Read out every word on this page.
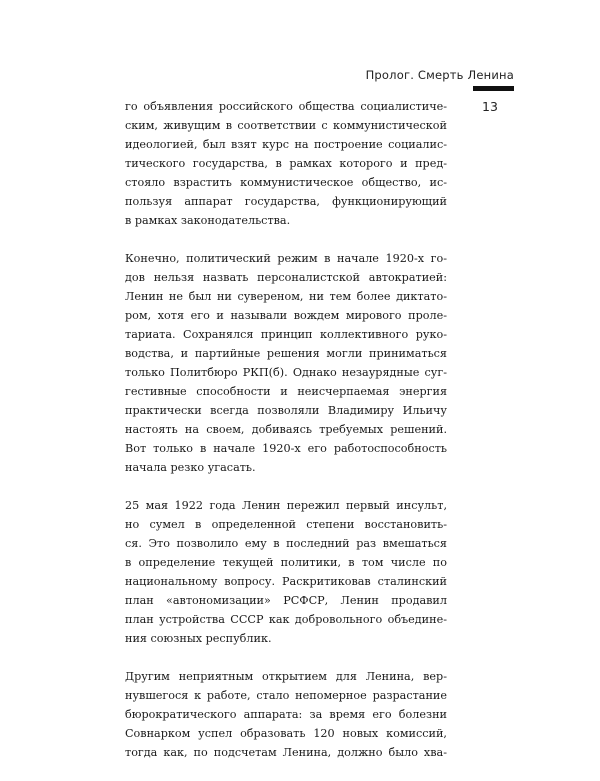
Пролог. Смерть Ленина
13

го объявления российского общества социалистиче-
ским, живущим в соответствии с коммунистической
идеологией, был взят курс на построение социалис-
тического государства, в рамках которого и пред-
стояло взрастить коммунистическое общество, ис-
пользуя аппарат государства, функционирующий
в рамках законодательства.

Конечно, политический режим в начале 1920-х го-
дов нельзя назвать персоналистской автократией:
Ленин не был ни сувереном, ни тем более диктато-
ром, хотя его и называли вождем мирового проле-
тариата. Сохранялся принцип коллективного руко-
водства, и партийные решения могли приниматься
только Политбюро РКП(б). Однако незаурядные суг-
гестивные способности и неисчерпаемая энергия
практически всегда позволяли Владимиру Ильичу
настоять на своем, добиваясь требуемых решений.
Вот только в начале 1920-х его работоспособность
начала резко угасать.

25 мая 1922 года Ленин пережил первый инсульт,
но сумел в определенной степени восстановить-
ся. Это позволило ему в последний раз вмешаться
в определение текущей политики, в том числе по
национальному вопросу. Раскритиковав сталинский
план «автономизации» РСФСР, Ленин продавил
план устройства СССР как добровольного объедине-
ния союзных республик.

Другим неприятным открытием для Ленина, вер-
нувшегося к работе, стало непомерное разрастание
бюрократического аппарата: за время его болезни
Совнарком успел образовать 120 новых комиссий,
тогда как, по подсчетам Ленина, должно было хва-
